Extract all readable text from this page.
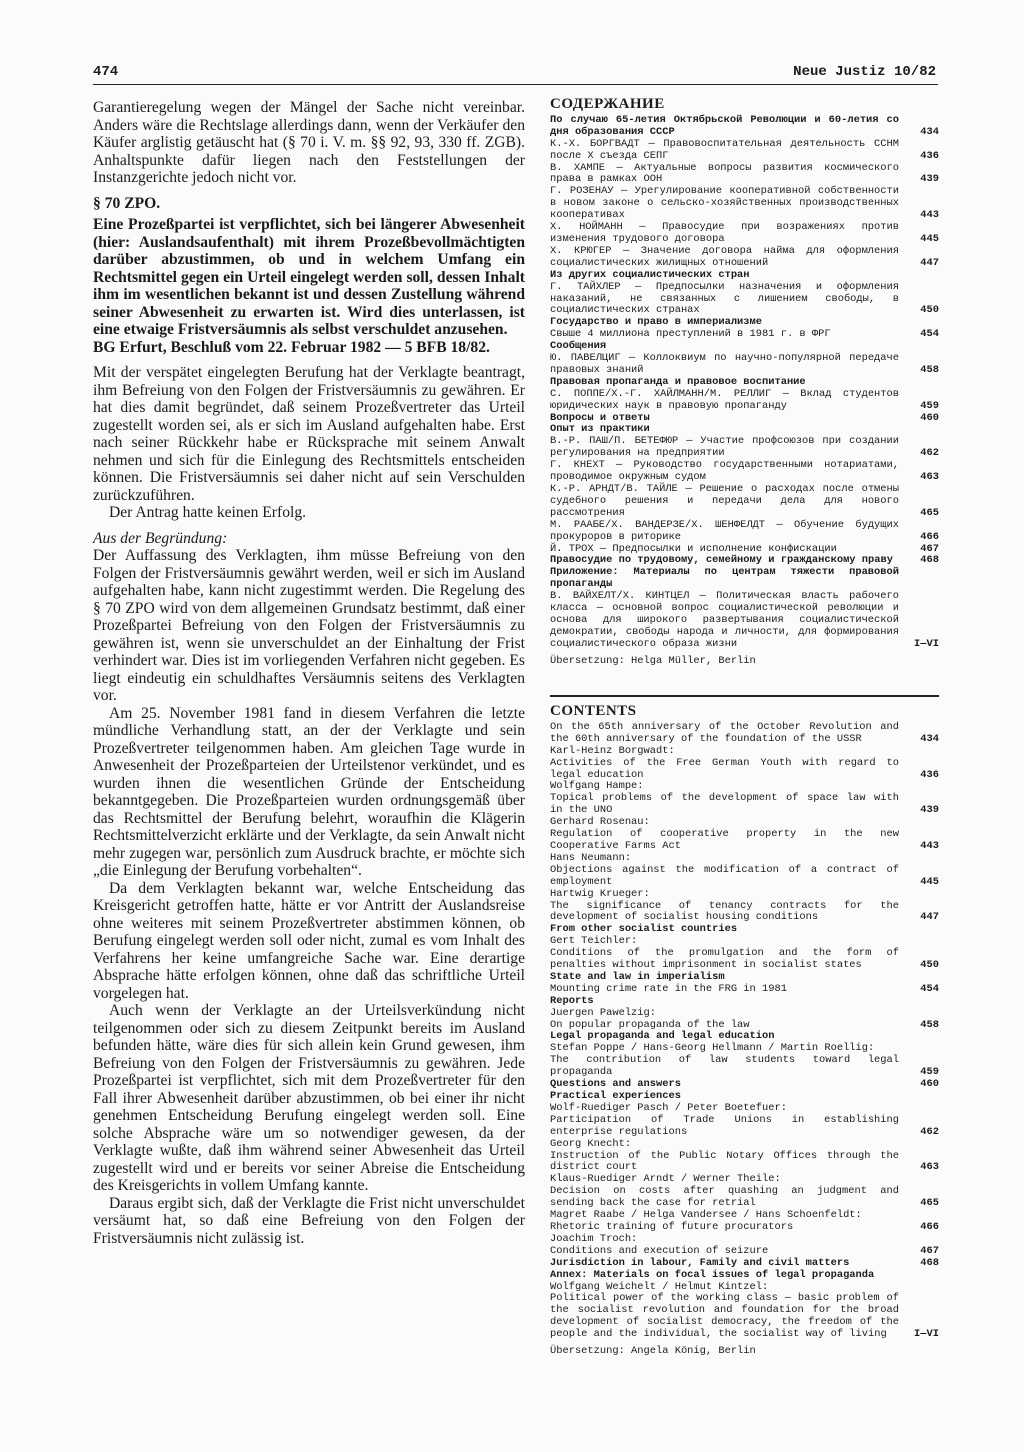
474	Neue Justiz 10/82

Garantieregelung wegen der Mängel der Sache nicht vereinbar. Anders wäre die Rechtslage allerdings dann, wenn der Verkäufer den Käufer arglistig getäuscht hat (§ 70 i. V. m. §§ 92, 93, 330 ff. ZGB). Anhaltspunkte dafür liegen nach den Feststellungen der Instanzgerichte jedoch nicht vor.

§ 70 ZPO.

Eine Prozeßpartei ist verpflichtet, sich bei längerer Abwesenheit (hier: Auslandsaufenthalt) mit ihrem Prozeßbevollmächtigten darüber abzustimmen, ob und in welchem Umfang ein Rechtsmittel gegen ein Urteil eingelegt werden soll, dessen Inhalt ihm im wesentlichen bekannt ist und dessen Zustellung während seiner Abwesenheit zu erwarten ist. Wird dies unterlassen, ist eine etwaige Fristversäumnis als selbst verschuldet anzusehen.

BG Erfurt, Beschluß vom 22. Februar 1982 — 5 BFB 18/82.

Mit der verspätet eingelegten Berufung hat der Verklagte beantragt, ihm Befreiung von den Folgen der Fristversäumnis zu gewähren. Er hat dies damit begründet, daß seinem Prozeßvertreter das Urteil zugestellt worden sei, als er sich im Ausland aufgehalten habe. Erst nach seiner Rückkehr habe er Rücksprache mit seinem Anwalt nehmen und sich für die Einlegung des Rechtsmittels entscheiden können. Die Fristversäumnis sei daher nicht auf sein Verschulden zurückzuführen.

Der Antrag hatte keinen Erfolg.

Aus der Begründung:

Der Auffassung des Verklagten, ihm müsse Befreiung von den Folgen der Fristversäumnis gewährt werden, weil er sich im Ausland aufgehalten habe, kann nicht zugestimmt werden. Die Regelung des § 70 ZPO wird von dem allgemeinen Grundsatz bestimmt, daß einer Prozeßpartei Befreiung von den Folgen der Fristversäumnis zu gewähren ist, wenn sie unverschuldet an der Einhaltung der Frist verhindert war. Dies ist im vorliegenden Verfahren nicht gegeben. Es liegt eindeutig ein schuldhaftes Versäumnis seitens des Verklagten vor.

Am 25. November 1981 fand in diesem Verfahren die letzte mündliche Verhandlung statt, an der der Verklagte und sein Prozeßvertreter teilgenommen haben. Am gleichen Tage wurde in Anwesenheit der Prozeßparteien der Urteilstenor verkündet, und es wurden ihnen die wesentlichen Gründe der Entscheidung bekanntgegeben. Die Prozeßparteien wurden ordnungsgemäß über das Rechtsmittel der Berufung belehrt, woraufhin die Klägerin Rechtsmittelverzicht erklärte und der Verklagte, da sein Anwalt nicht mehr zugegen war, persönlich zum Ausdruck brachte, er möchte sich „die Einlegung der Berufung vorbehalten“.

Da dem Verklagten bekannt war, welche Entscheidung das Kreisgericht getroffen hatte, hätte er vor Antritt der Auslandsreise ohne weiteres mit seinem Prozeßvertreter abstimmen können, ob Berufung eingelegt werden soll oder nicht, zumal es vom Inhalt des Verfahrens her keine umfangreiche Sache war. Eine derartige Absprache hätte erfolgen können, ohne daß das schriftliche Urteil vorgelegen hat.

Auch wenn der Verklagte an der Urteilsverkündung nicht teilgenommen oder sich zu diesem Zeitpunkt bereits im Ausland befunden hätte, wäre dies für sich allein kein Grund gewesen, ihm Befreiung von den Folgen der Fristversäumnis zu gewähren. Jede Prozeßpartei ist verpflichtet, sich mit dem Prozeßvertreter für den Fall ihrer Abwesenheit darüber abzustimmen, ob bei einer ihr nicht genehmen Entscheidung Berufung eingelegt werden soll. Eine solche Absprache wäre um so notwendiger gewesen, da der Verklagte wußte, daß ihm während seiner Abwesenheit das Urteil zugestellt wird und er bereits vor seiner Abreise die Entscheidung des Kreisgerichts in vollem Umfang kannte.

Daraus ergibt sich, daß der Verklagte die Frist nicht unverschuldet versäumt hat, so daß eine Befreiung von den Folgen der Fristversäumnis nicht zulässig ist.

СОДЕРЖАНИЕ
По случаю 65-летия Октябрьской Революции и 60-летия со дня образования СССР	434
К.-Х. БОРГВАДТ — Правовоспитательная деятельность ССНМ после X съезда СЕПГ	436
В. ХАМПЕ — Актуальные вопросы развития космического права в рамках ООН	439
Г. РОЗЕНАУ — Урегулирование кооперативной собственности в новом законе о сельско-хозяйственных производственных кооперативах	443
Х. НОЙМАНН — Правосудие при возражениях против изменения трудового договора	445
Х. КРЮГЕР — Значение договора найма для оформления социалистических жилищных отношений	447
Из других социалистических стран
Г. ТАЙХЛЕР — Предпосылки назначения и оформления наказаний, не связанных с лишением свободы, в социалистических странах	450
Государство и право в империализме
Свыше 4 миллиона преступлений в 1981 г. в ФРГ	454
Сообщения
Ю. ПАВЕЛЦИГ — Коллоквиум по научно-популярной передаче правовых знаний	458
Правовая пропаганда и правовое воспитание
С. ПОППЕ/Х.-Г. ХАЙЛМАНН/М. РЕЛЛИГ — Вклад студентов юридических наук в правовую пропаганду	459
Вопросы и ответы	460
Опыт из практики
В.-Р. ПАШ/П. БЕТЕФЮР — Участие профсоюзов при создании регулирования на предприятии	462
Г. КНЕХТ — Руководство государственными нотариатами, проводимое окружным судом	463
К.-Р. АРНДТ/В. ТАЙЛЕ — Решение о расходах после отмены судебного решения и передачи дела для нового рассмотрения	465
М. РААБЕ/Х. ВАНДЕРЗЕ/Х. ШЕНФЕЛДТ — Обучение будущих прокуроров в риторике	466
Й. ТРОХ — Предпосылки и исполнение конфискации	467
Правосудие по трудовому, семейному и гражданскому праву	468
Приложение: Материалы по центрам тяжести правовой пропаганды
В. ВАЙХЕЛТ/Х. КИНТЦЕЛ — Политическая власть рабочего класса — основной вопрос социалистической революции и основа для широкого развертывания социалистической демократии, свободы народа и личности, для формирования социалистического образа жизни	I—VI
Übersetzung: Helga Müller, Berlin
CONTENTS
On the 65th anniversary of the October Revolution and the 60th anniversary of the foundation of the USSR	434
Karl-Heinz Borgwadt:
Activities of the Free German Youth with regard to legal education	436
Wolfgang Hampe:
Topical problems of the development of space law with in the UNO	439
Gerhard Rosenau:
Regulation of cooperative property in the new Cooperative Farms Act	443
Hans Neumann:
Objections against the modification of a contract of employment	445
Hartwig Krueger:
The significance of tenancy contracts for the development of socialist housing conditions	447
From other socialist countries
Gert Teichler:
Conditions of the promulgation and the form of penalties without imprisonment in socialist states	450
State and law in imperialism
Mounting crime rate in the FRG in 1981	454
Reports
Juergen Pawelzig:
On popular propaganda of the law	458
Legal propaganda and legal education
Stefan Poppe / Hans-Georg Hellmann / Martin Roellig:
The contribution of law students toward legal propaganda	459
Questions and answers	460
Practical experiences
Wolf-Ruediger Pasch / Peter Boetefuer:
Participation of Trade Unions in establishing enterprise regulations	462
Georg Knecht:
Instruction of the Public Notary Offices through the district court	463
Klaus-Ruediger Arndt / Werner Theile:
Decision on costs after quashing an judgment and sending back the case for retrial	465
Magret Raabe / Helga Vandersee / Hans Schoenfeldt:
Rhetoric training of future procurators	466
Joachim Troch:
Conditions and execution of seizure	467
Jurisdiction in labour, Family and civil matters	468
Annex: Materials on focal issues of legal propaganda
Wolfgang Weichelt / Helmut Kintzel:
Political power of the working class — basic problem of the socialist revolution and foundation for the broad development of socialist democracy, the freedom of the people and the individual, the socialist way of living	I—VI
Übersetzung: Angela König, Berlin
